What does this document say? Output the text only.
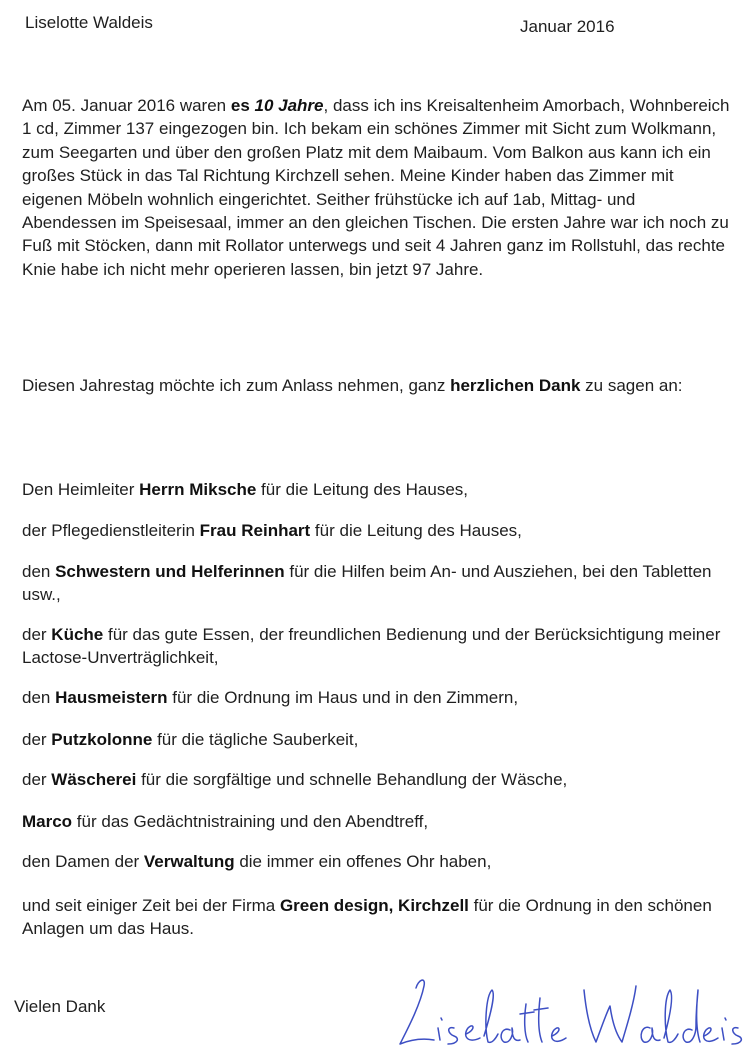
Liselotte Waldeis	Januar 2016

Am 05. Januar 2016 waren es 10 Jahre, dass ich ins Kreisaltenheim Amorbach, Wohnbereich 1 cd, Zimmer 137 eingezogen bin. Ich bekam ein schönes Zimmer mit Sicht zum Wolkmann, zum Seegarten und über den großen Platz mit dem Maibaum. Vom Balkon aus kann ich ein großes Stück in das Tal Richtung Kirchzell sehen. Meine Kinder haben das Zimmer mit eigenen Möbeln wohnlich eingerichtet. Seither frühstücke ich auf 1ab, Mittag- und Abendessen im Speisesaal, immer an den gleichen Tischen. Die ersten Jahre war ich noch zu Fuß mit Stöcken, dann mit Rollator unterwegs und seit 4 Jahren ganz im Rollstuhl, das rechte Knie habe ich nicht mehr operieren lassen, bin jetzt 97 Jahre.

Diesen Jahrestag möchte ich zum Anlass nehmen, ganz herzlichen Dank zu sagen an:

Den Heimleiter Herrn Miksche für die Leitung des Hauses,
der Pflegedienstleiterin Frau Reinhart für die Leitung des Hauses,
den Schwestern und Helferinnen für die Hilfen beim An- und Ausziehen, bei den Tabletten usw.,
der Küche für das gute Essen, der freundlichen Bedienung und der Berücksichtigung meiner Lactose-Unverträglichkeit,
den Hausmeistern für die Ordnung im Haus und in den Zimmern,
der Putzkolonne für die tägliche Sauberkeit,
der Wäscherei für die sorgfältige und schnelle Behandlung der Wäsche,
Marco für das Gedächtnistraining und den Abendtreff,
den Damen der Verwaltung die immer ein offenes Ohr haben,
und seit einiger Zeit bei der Firma Green design, Kirchzell für die Ordnung in den schönen Anlagen um das Haus.
Vielen Dank
